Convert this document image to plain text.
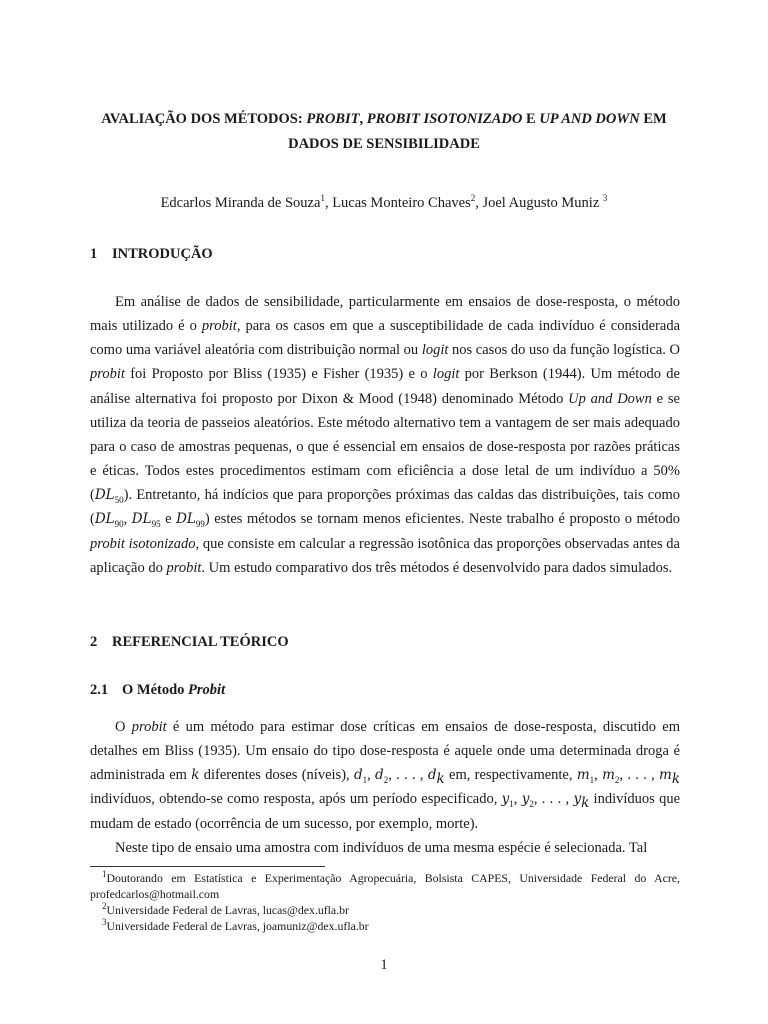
AVALIAÇÃO DOS MÉTODOS: PROBIT, PROBIT ISOTONIZADO E UP AND DOWN EM
DADOS DE SENSIBILIDADE
Edcarlos Miranda de Souza$^1$, Lucas Monteiro Chaves$^2$, Joel Augusto Muniz $^3$
1 INTRODUÇÃO

Em análise de dados de sensibilidade, particularmente em ensaios de dose-resposta, o método mais utilizado é o probit, para os casos em que a susceptibilidade de cada indivíduo é considerada como uma variável aleatória com distribuição normal ou logit nos casos do uso da função logística. O probit foi Proposto por Bliss (1935) e Fisher (1935) e o logit por Berkson (1944). Um método de análise alternativa foi proposto por Dixon & Mood (1948) denominado Método Up and Down e se utiliza da teoria de passeios aleatórios. Este método alternativo tem a vantagem de ser mais adequado para o caso de amostras pequenas, o que é essencial em ensaios de dose-resposta por razões práticas e éticas. Todos estes procedimentos estimam com eficiência a dose letal de um indivíduo a 50% $(DL_{50})$. Entretanto, há indícios que para proporções próximas das caldas das distribuições, tais como ($DL_{90}$, $DL_{95}$ e $DL_{99}$) estes métodos se tornam menos eficientes. Neste trabalho é proposto o método probit isotonizado, que consiste em calcular a regressão isotônica das proporções observadas antes da aplicação do probit. Um estudo comparativo dos três métodos é desenvolvido para dados simulados.

2 REFERENCIAL TEÓRICO
2.1 O Método Probit

O probit é um método para estimar dose críticas em ensaios de dose-resposta, discutido em detalhes em Bliss (1935). Um ensaio do tipo dose-resposta é aquele onde uma determinada droga é administrada em k diferentes doses (níveis), $d_1$, $d_2$, . . . , $d_k$ em, respectivamente, $m_1$, $m_2$, . . . , $m_k$ indivíduos, obtendo-se como resposta, após um período especificado, $y_1$, $y_2$, . . . , $y_k$ indivíduos que mudam de estado (ocorrência de um sucesso, por exemplo, morte).

Neste tipo de ensaio uma amostra com indivíduos de uma mesma espécie é selecionada. Tal

$^1$Doutorando em Estatística e Experimentação Agropecuária, Bolsista CAPES, Universidade Federal do Acre, profedcarlos@hotmail.com
$^2$Universidade Federal de Lavras, lucas@dex.ufla.br
$^3$Universidade Federal de Lavras, joamuniz@dex.ufla.br
1
